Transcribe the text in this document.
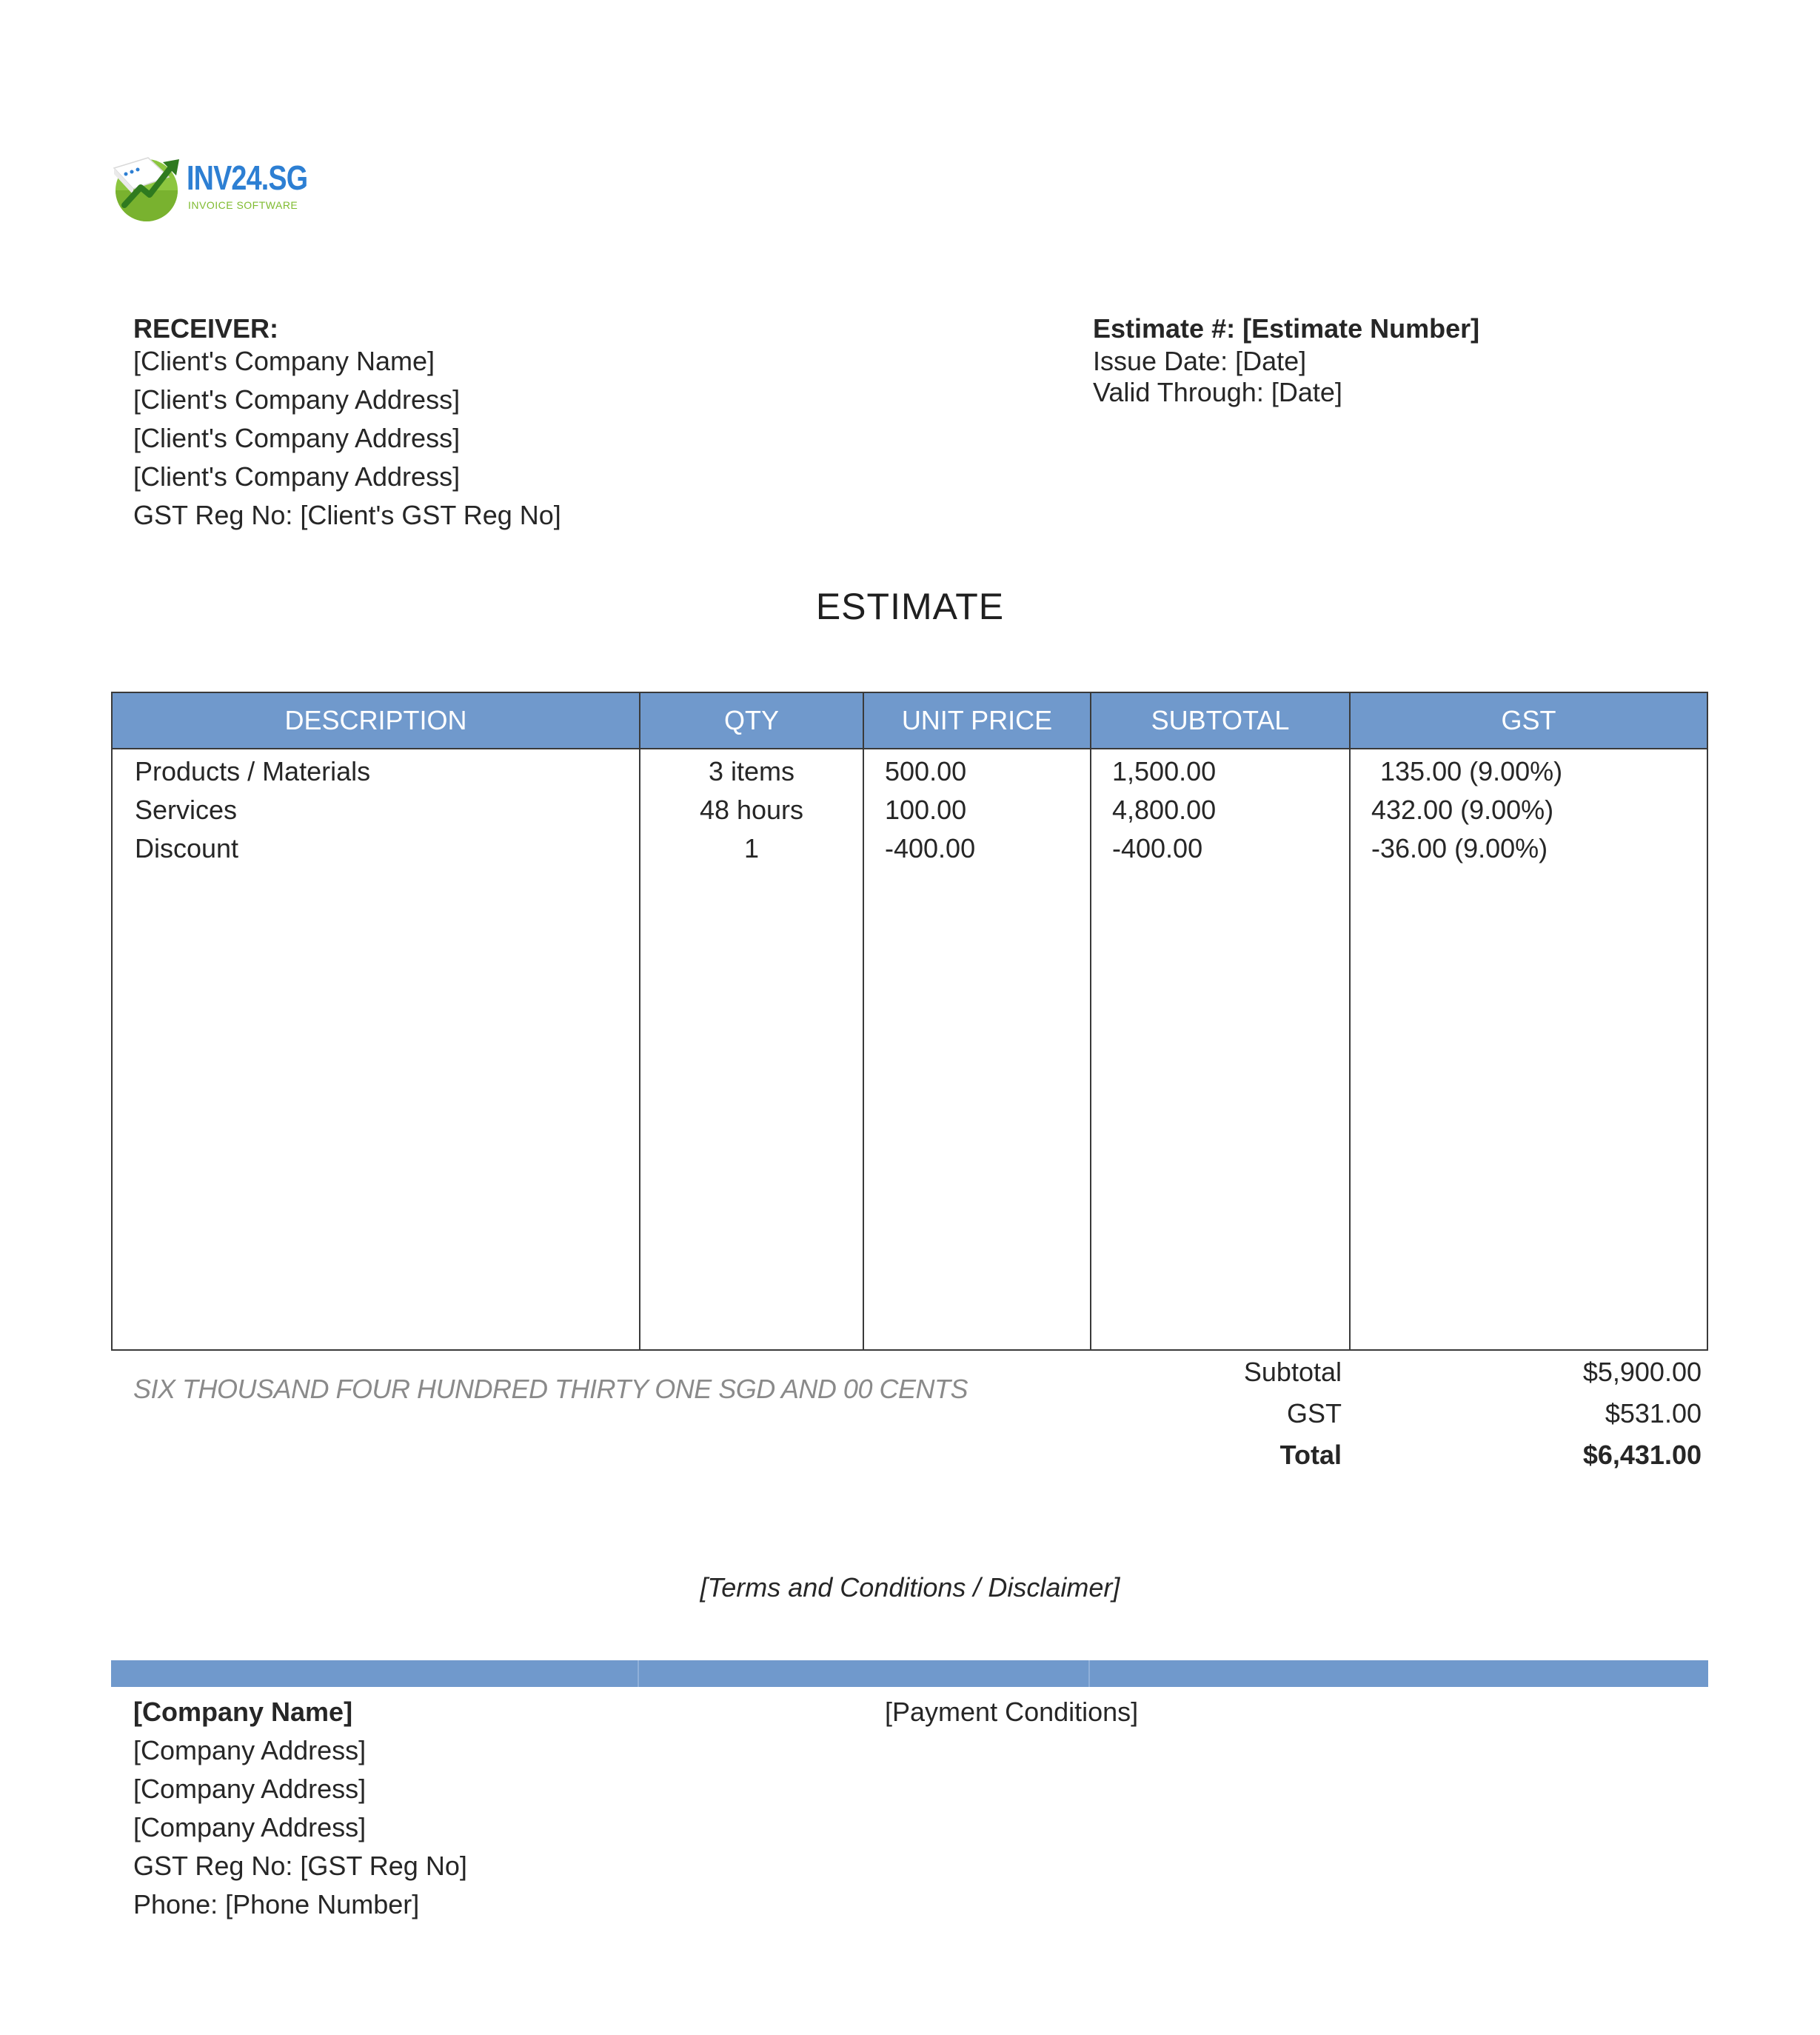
INV24.SG
INVOICE SOFTWARE
RECEIVER:
[Client's Company Name]
[Client's Company Address]
[Client's Company Address]
[Client's Company Address]
GST Reg No: [Client's GST Reg No]
Estimate #: [Estimate Number]
Issue Date: [Date]
Valid Through: [Date]
ESTIMATE
DESCRIPTION	QTY	UNIT PRICE	SUBTOTAL	GST
Products / Materials	3 items	500.00	1,500.00	135.00 (9.00%)
Services	48 hours	100.00	4,800.00	432.00 (9.00%)
Discount	1	-400.00	-400.00	-36.00 (9.00%)
SIX THOUSAND FOUR HUNDRED THIRTY ONE SGD AND 00 CENTS
Subtotal	$5,900.00
GST	$531.00
Total	$6,431.00
[Terms and Conditions / Disclaimer]
[Company Name]
[Company Address]
[Company Address]
[Company Address]
GST Reg No: [GST Reg No]
Phone: [Phone Number]
[Payment Conditions]
